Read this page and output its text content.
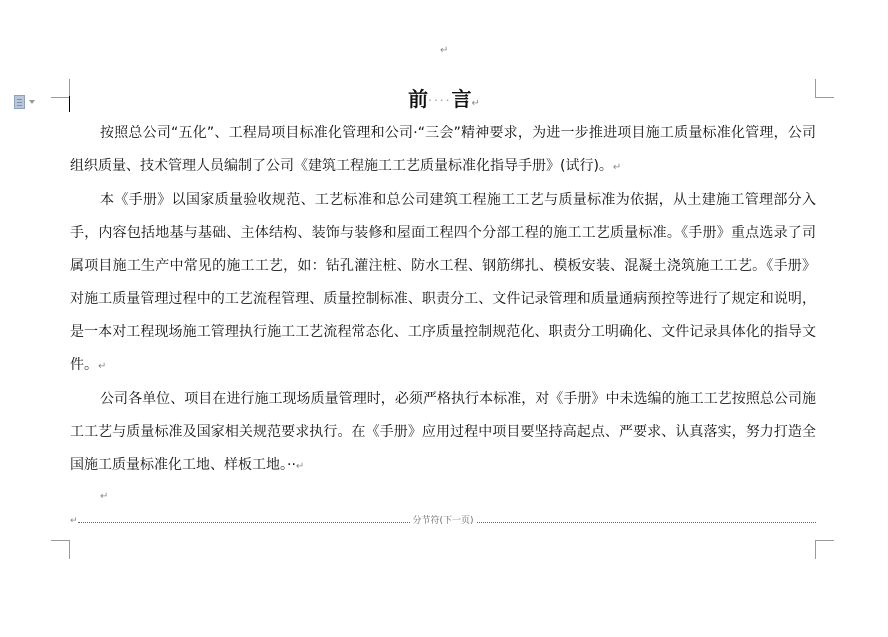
↵
前····言↵

按照总公司“五化”、工程局项目标准化管理和公司·“三会”精神要求，为进一步推进项目施工质量标准化管理，公司组织质量、技术管理人员编制了公司《建筑工程施工工艺质量标准化指导手册》(试行)。↵

本《手册》以国家质量验收规范、工艺标准和总公司建筑工程施工工艺与质量标准为依据，从土建施工管理部分入手，内容包括地基与基础、主体结构、装饰与装修和屋面工程四个分部工程的施工工艺质量标准。《手册》重点选录了司属项目施工生产中常见的施工工艺，如：钻孔灌注桩、防水工程、钢筋绑扎、模板安装、混凝土浇筑施工工艺。《手册》对施工质量管理过程中的工艺流程管理、质量控制标准、职责分工、文件记录管理和质量通病预控等进行了规定和说明，是一本对工程现场施工管理执行施工工艺流程常态化、工序质量控制规范化、职责分工明确化、文件记录具体化的指导文件。↵

公司各单位、项目在进行施工现场质量管理时，必须严格执行本标准，对《手册》中未选编的施工工艺按照总公司施工工艺与质量标准及国家相关规范要求执行。在《手册》应用过程中项目要坚持高起点、严要求、认真落实，努力打造全国施工质量标准化工地、样板工地。··↵

↵
↵	分节符(下一页)
